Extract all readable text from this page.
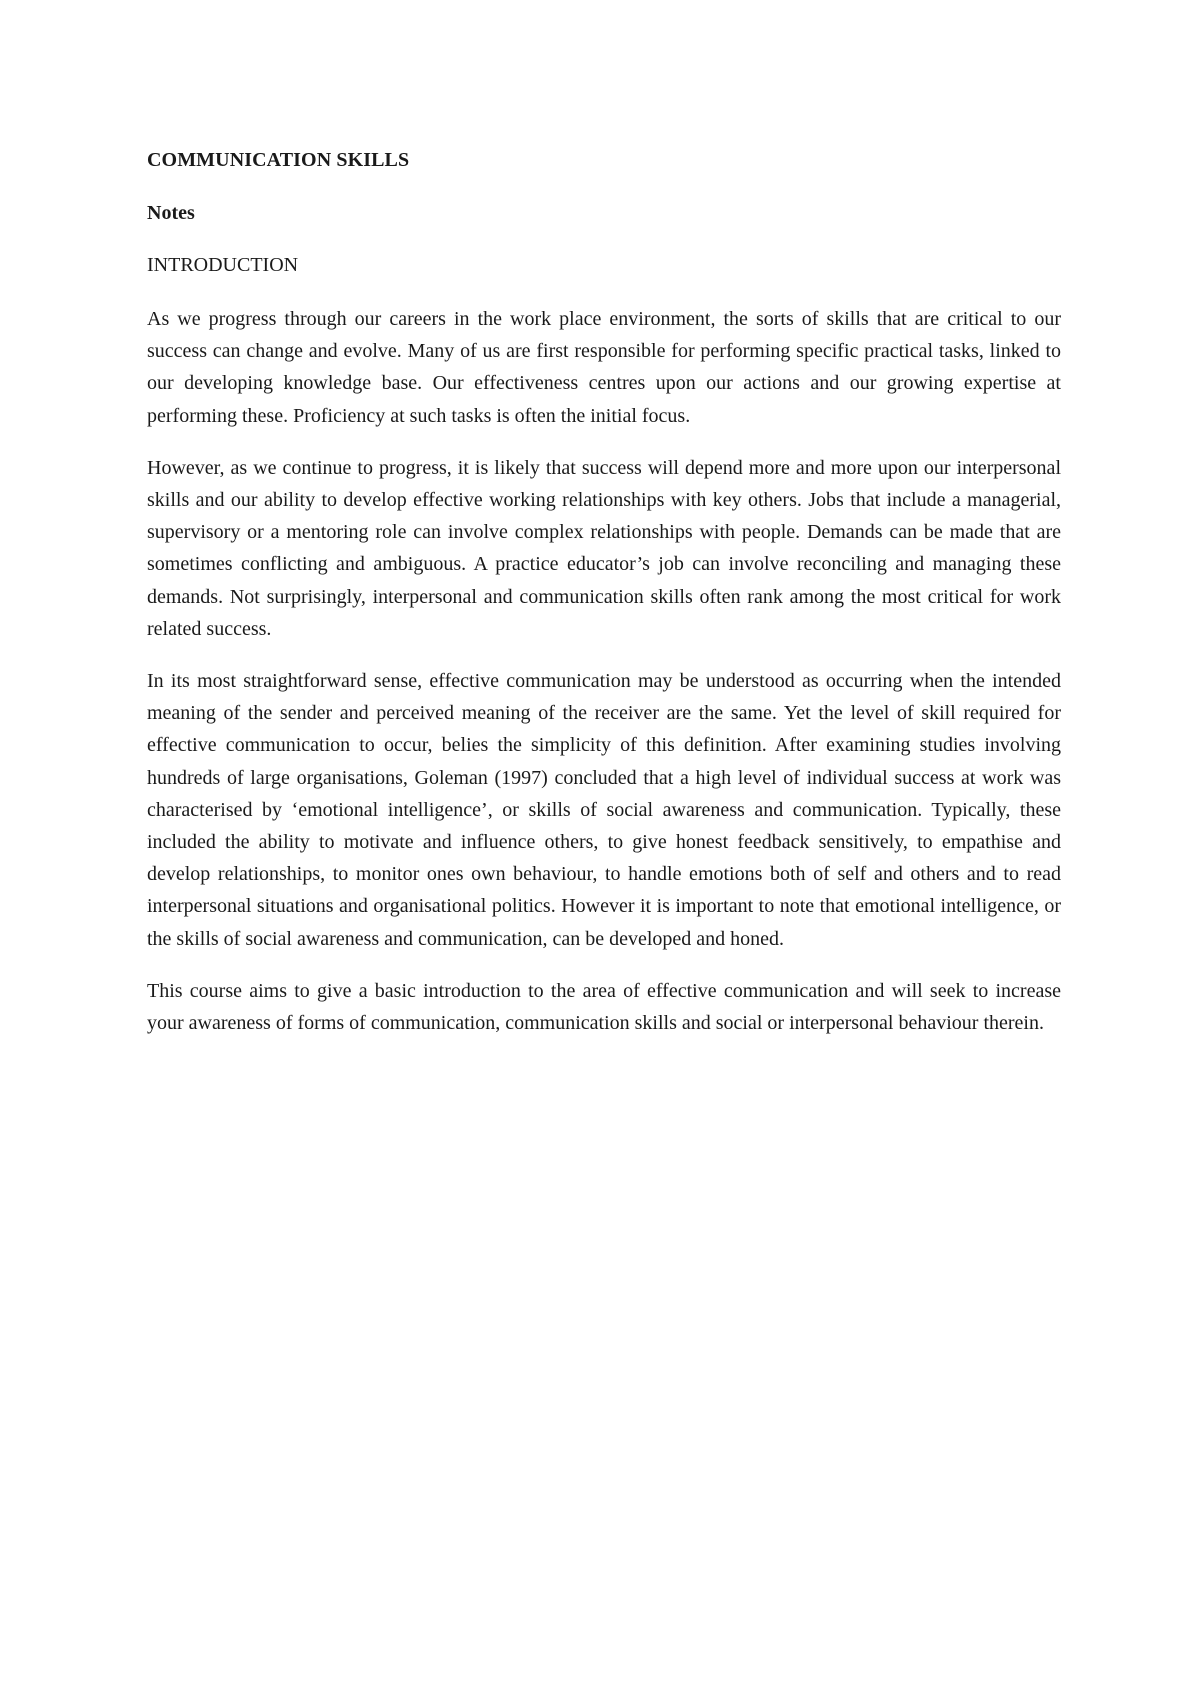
COMMUNICATION SKILLS
Notes
INTRODUCTION

As we progress through our careers in the work place environment, the sorts of skills that are critical to our success can change and evolve. Many of us are first responsible for performing specific practical tasks, linked to our developing knowledge base. Our effectiveness centres upon our actions and our growing expertise at performing these. Proficiency at such tasks is often the initial focus.

However, as we continue to progress, it is likely that success will depend more and more upon our interpersonal skills and our ability to develop effective working relationships with key others. Jobs that include a managerial, supervisory or a mentoring role can involve complex relationships with people. Demands can be made that are sometimes conflicting and ambiguous. A practice educator’s job can involve reconciling and managing these demands. Not surprisingly, interpersonal and communication skills often rank among the most critical for work related success.

In its most straightforward sense, effective communication may be understood as occurring when the intended meaning of the sender and perceived meaning of the receiver are the same. Yet the level of skill required for effective communication to occur, belies the simplicity of this definition. After examining studies involving hundreds of large organisations, Goleman (1997) concluded that a high level of individual success at work was characterised by ‘emotional intelligence’, or skills of social awareness and communication. Typically, these included the ability to motivate and influence others, to give honest feedback sensitively, to empathise and develop relationships, to monitor ones own behaviour, to handle emotions both of self and others and to read interpersonal situations and organisational politics. However it is important to note that emotional intelligence, or the skills of social awareness and communication, can be developed and honed.

This course aims to give a basic introduction to the area of effective communication and will seek to increase your awareness of forms of communication, communication skills and social or interpersonal behaviour therein.
